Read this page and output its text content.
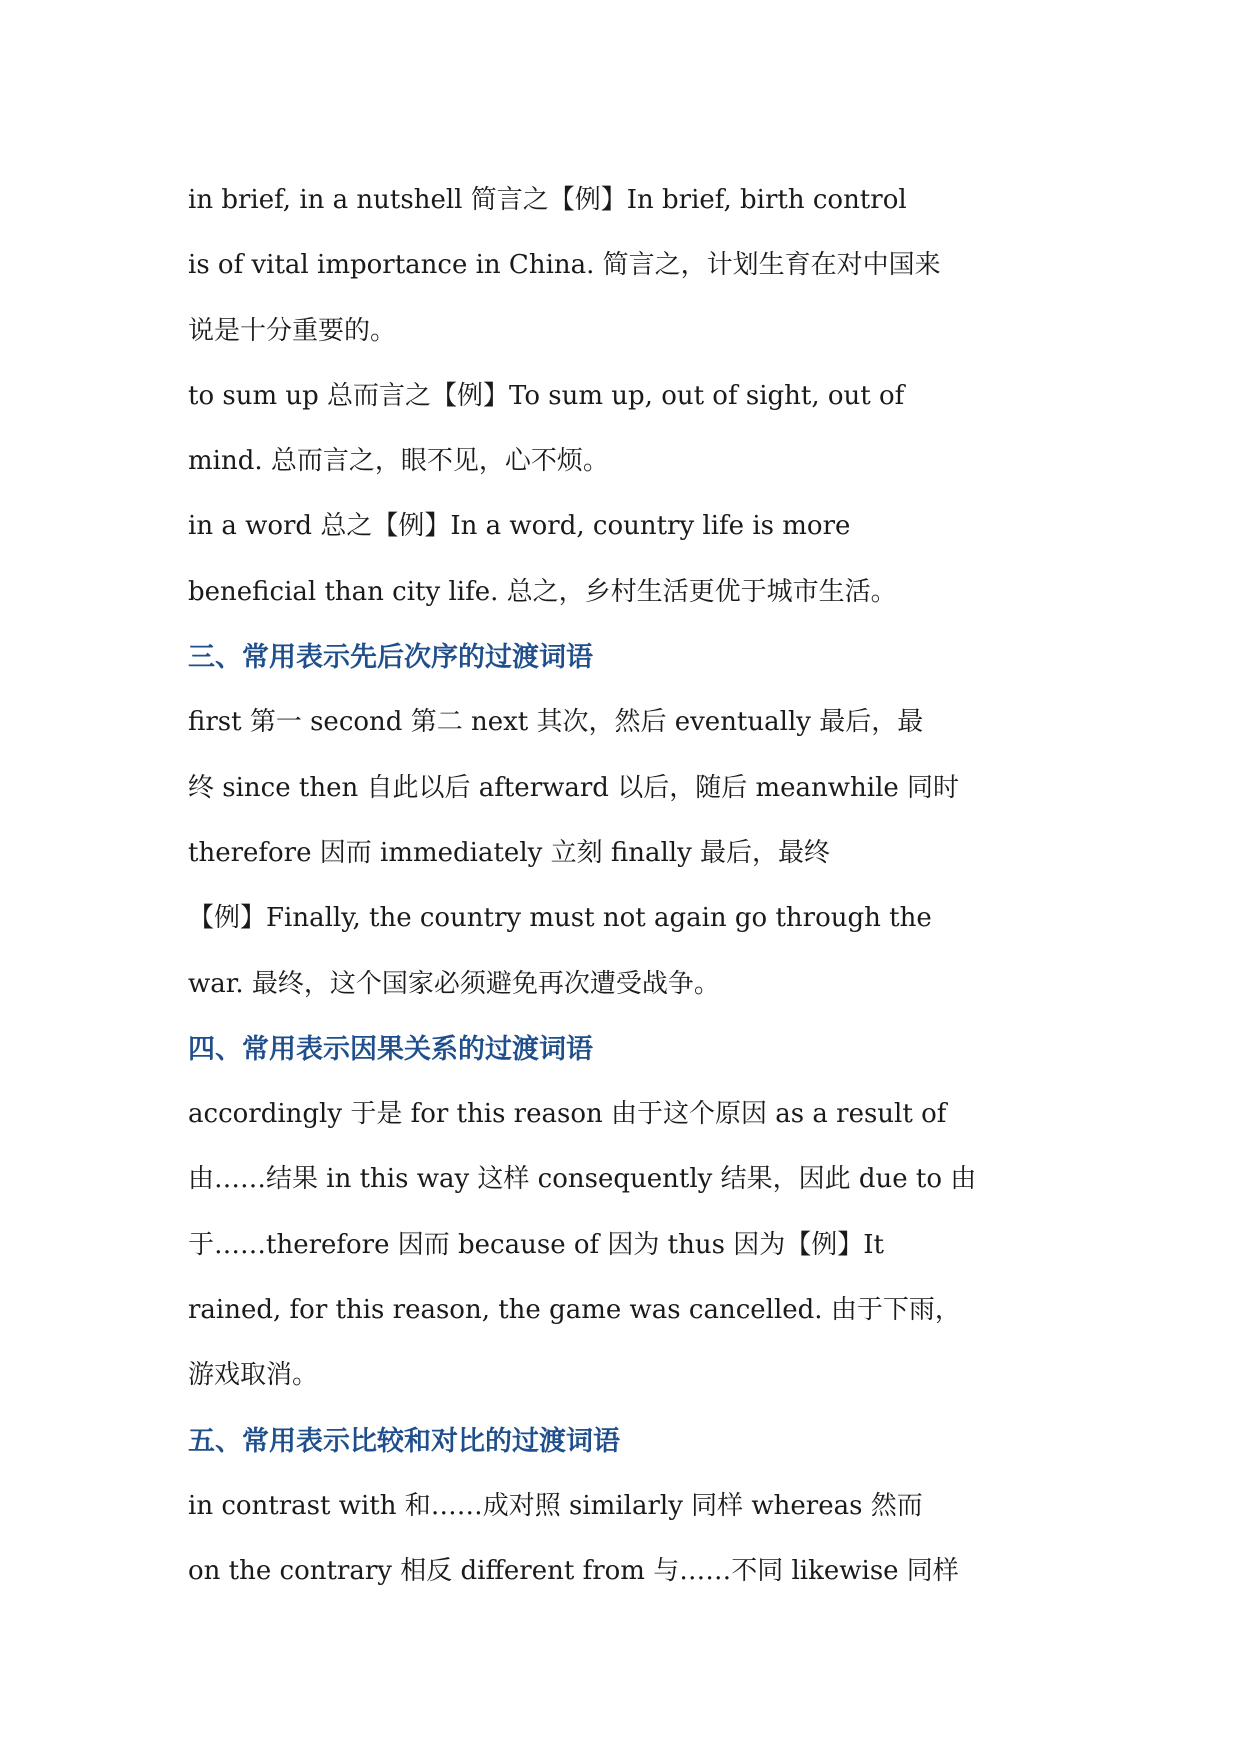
in brief, in a nutshell 简言之【例】In brief, birth control
is of vital importance in China. 简言之，计划生育在对中国来
说是十分重要的。

to sum up 总而言之【例】To sum up, out of sight, out of
mind. 总而言之，眼不见，心不烦。

in a word 总之【例】In a word, country life is more
beneficial than city life. 总之，乡村生活更优于城市生活。

三、常用表示先后次序的过渡词语

first 第一 second 第二 next 其次，然后 eventually 最后，最
终 since then 自此以后 afterward 以后，随后 meanwhile 同时
therefore 因而 immediately 立刻 finally 最后，最终
【例】Finally, the country must not again go through the
war. 最终，这个国家必须避免再次遭受战争。

四、常用表示因果关系的过渡词语

accordingly 于是 for this reason 由于这个原因 as a result of
由……结果 in this way 这样 consequently 结果，因此 due to 由
于……therefore 因而 because of 因为 thus 因为【例】It
rained, for this reason, the game was cancelled. 由于下雨，
游戏取消。

五、常用表示比较和对比的过渡词语

in contrast with 和……成对照 similarly 同样 whereas 然而
on the contrary 相反 different from 与……不同 likewise 同样
